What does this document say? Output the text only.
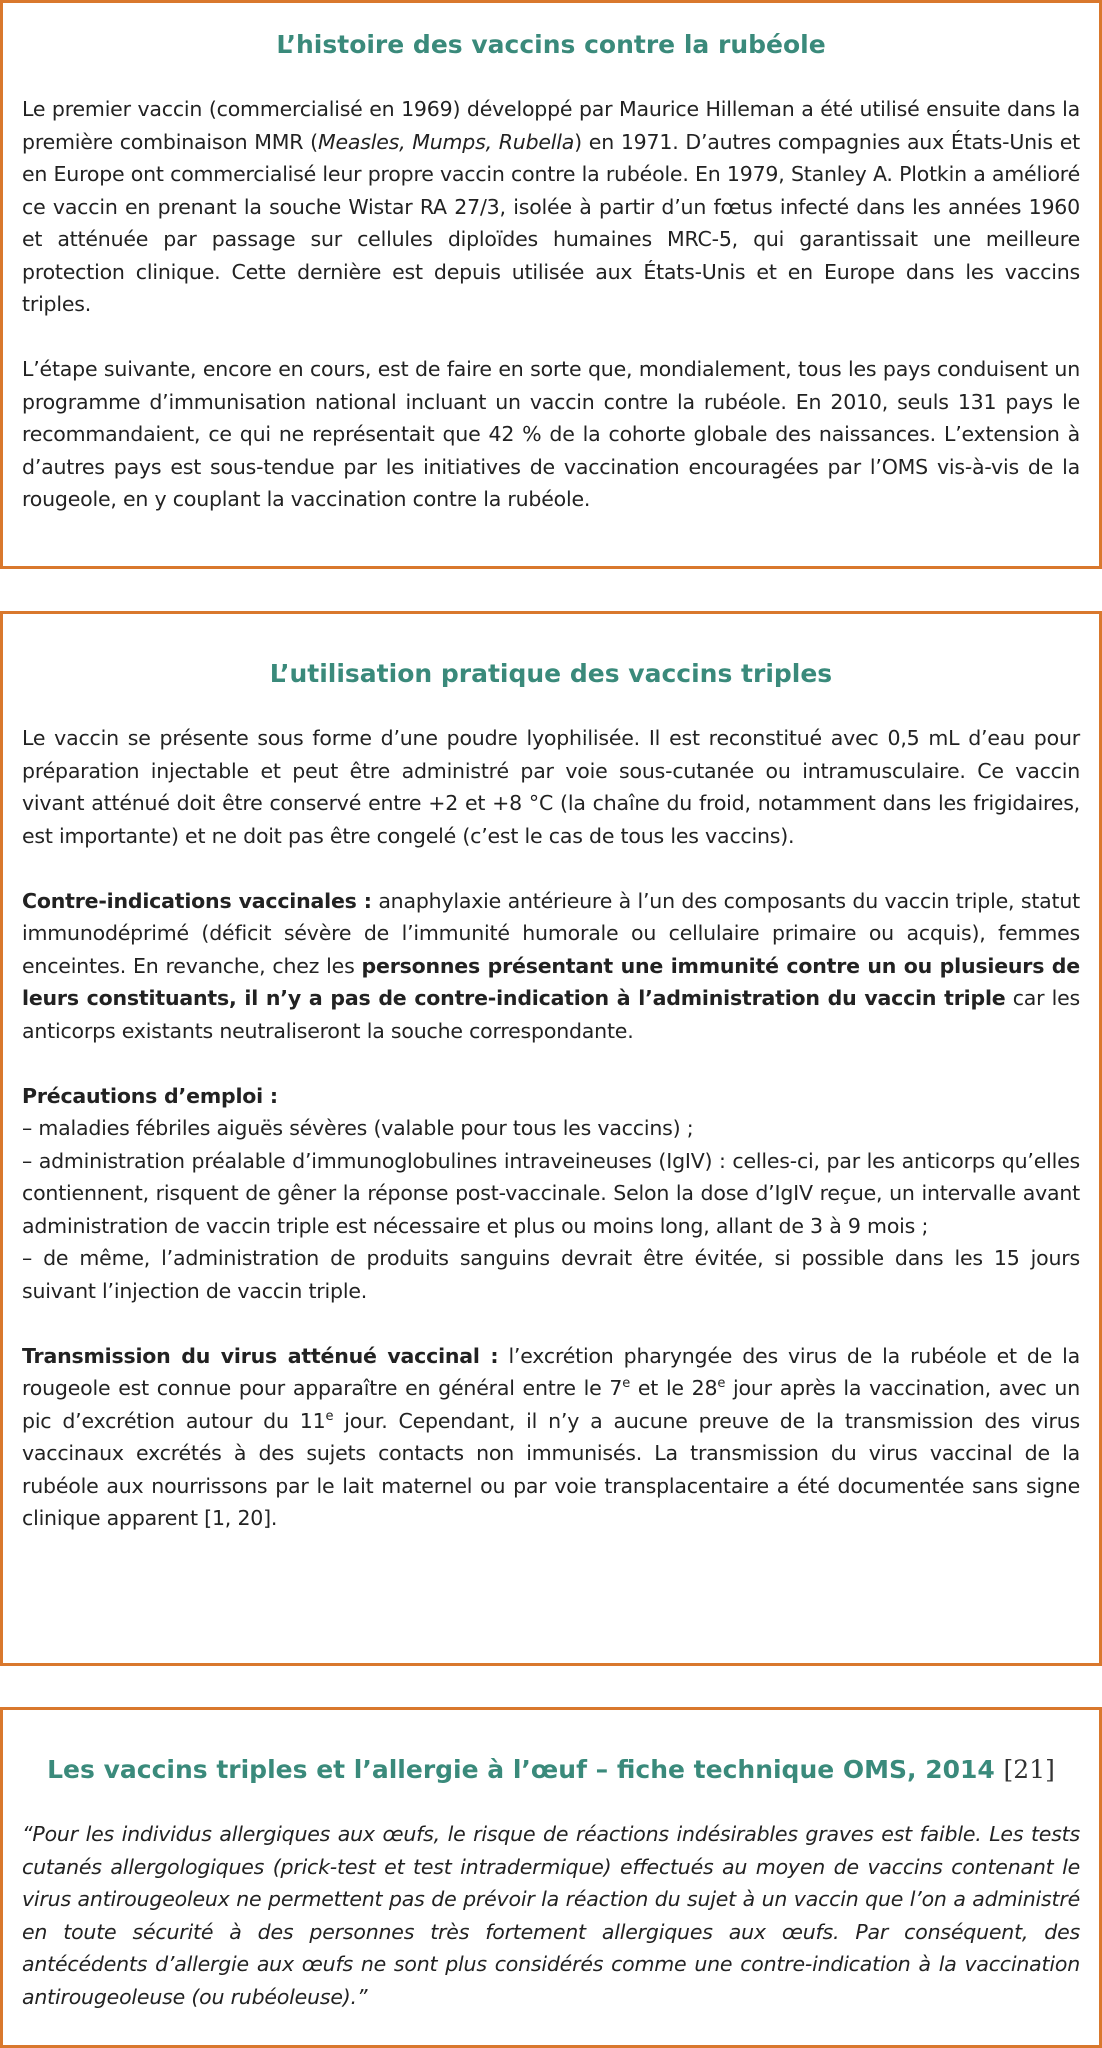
L’histoire des vaccins contre la rubéole

Le premier vaccin (commercialisé en 1969) développé par Maurice Hilleman a été utilisé ensuite dans la première combinaison MMR (Measles, Mumps, Rubella) en 1971. D’autres compagnies aux États-Unis et en Europe ont commercialisé leur propre vaccin contre la rubéole. En 1979, Stanley A. Plotkin a amélioré ce vaccin en prenant la souche Wistar RA 27/3, isolée à partir d’un fœtus infecté dans les années 1960 et atténuée par passage sur cellules diploïdes humaines MRC-5, qui garantissait une meilleure protection clinique. Cette dernière est depuis utilisée aux États-Unis et en Europe dans les vaccins triples.

L’étape suivante, encore en cours, est de faire en sorte que, mondialement, tous les pays conduisent un programme d’immunisation national incluant un vaccin contre la rubéole. En 2010, seuls 131 pays le recommandaient, ce qui ne représentait que 42 % de la cohorte globale des naissances. L’extension à d’autres pays est sous-tendue par les initiatives de vaccination encouragées par l’OMS vis-à-vis de la rougeole, en y couplant la vaccination contre la rubéole.

L’utilisation pratique des vaccins triples

Le vaccin se présente sous forme d’une poudre lyophilisée. Il est reconstitué avec 0,5 mL d’eau pour préparation injectable et peut être administré par voie sous-cutanée ou intramusculaire. Ce vaccin vivant atténué doit être conservé entre +2 et +8 °C (la chaîne du froid, notamment dans les frigidaires, est importante) et ne doit pas être congelé (c’est le cas de tous les vaccins).

Contre-indications vaccinales : anaphylaxie antérieure à l’un des composants du vaccin triple, statut immunodéprimé (déficit sévère de l’immunité humorale ou cellulaire primaire ou acquis), femmes enceintes. En revanche, chez les personnes présentant une immunité contre un ou plusieurs de leurs constituants, il n’y a pas de contre-indication à l’administration du vaccin triple car les anticorps existants neutraliseront la souche correspondante.

Précautions d’emploi :
– maladies fébriles aiguës sévères (valable pour tous les vaccins) ;
– administration préalable d’immunoglobulines intraveineuses (IgIV) : celles-ci, par les anticorps qu’elles contiennent, risquent de gêner la réponse post-vaccinale. Selon la dose d’IgIV reçue, un intervalle avant administration de vaccin triple est nécessaire et plus ou moins long, allant de 3 à 9 mois ;
– de même, l’administration de produits sanguins devrait être évitée, si possible dans les 15 jours suivant l’injection de vaccin triple.

Transmission du virus atténué vaccinal : l’excrétion pharyngée des virus de la rubéole et de la rougeole est connue pour apparaître en général entre le 7e et le 28e jour après la vaccination, avec un pic d’excrétion autour du 11e jour. Cependant, il n’y a aucune preuve de la transmission des virus vaccinaux excrétés à des sujets contacts non immunisés. La transmission du virus vaccinal de la rubéole aux nourrissons par le lait maternel ou par voie transplacentaire a été documentée sans signe clinique apparent [1, 20].

Les vaccins triples et l’allergie à l’œuf – fiche technique OMS, 2014 [21]

“Pour les individus allergiques aux œufs, le risque de réactions indésirables graves est faible. Les tests cutanés allergologiques (prick-test et test intradermique) effectués au moyen de vaccins contenant le virus antirougeoleux ne permettent pas de prévoir la réaction du sujet à un vaccin que l’on a administré en toute sécurité à des personnes très fortement allergiques aux œufs. Par conséquent, des antécédents d’allergie aux œufs ne sont plus considérés comme une contre-indication à la vaccination antirougeoleuse (ou rubéoleuse).”
